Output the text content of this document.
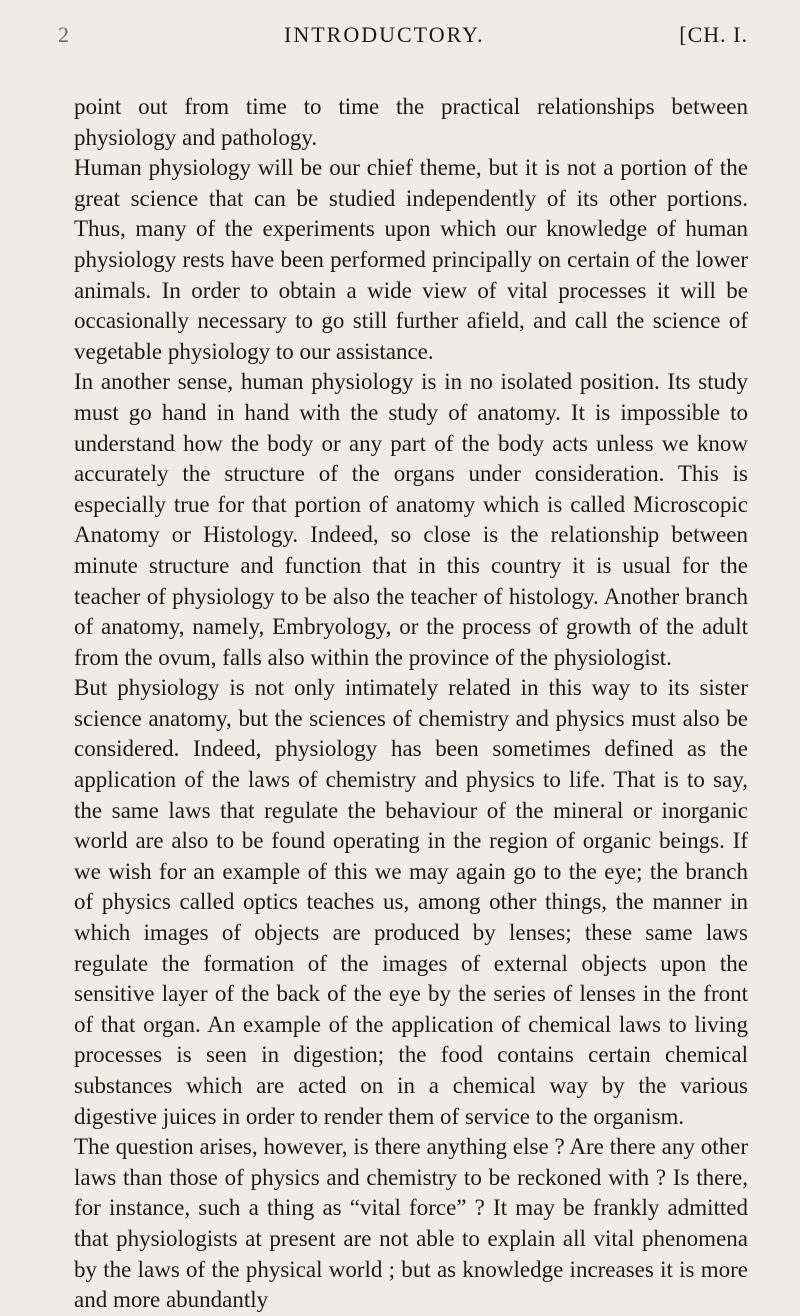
2	INTRODUCTORY.	[CH. I.

point out from time to time the practical relationships between physiology and pathology.

Human physiology will be our chief theme, but it is not a portion of the great science that can be studied independently of its other portions. Thus, many of the experiments upon which our knowledge of human physiology rests have been performed principally on certain of the lower animals. In order to obtain a wide view of vital processes it will be occasionally necessary to go still further afield, and call the science of vegetable physiology to our assistance.

In another sense, human physiology is in no isolated position. Its study must go hand in hand with the study of anatomy. It is impossible to understand how the body or any part of the body acts unless we know accurately the structure of the organs under consideration. This is especially true for that portion of anatomy which is called Microscopic Anatomy or Histology. Indeed, so close is the relationship between minute structure and function that in this country it is usual for the teacher of physiology to be also the teacher of histology. Another branch of anatomy, namely, Embryology, or the process of growth of the adult from the ovum, falls also within the province of the physiologist.

But physiology is not only intimately related in this way to its sister science anatomy, but the sciences of chemistry and physics must also be considered. Indeed, physiology has been sometimes defined as the application of the laws of chemistry and physics to life. That is to say, the same laws that regulate the behaviour of the mineral or inorganic world are also to be found operating in the region of organic beings. If we wish for an example of this we may again go to the eye; the branch of physics called optics teaches us, among other things, the manner in which images of objects are produced by lenses; these same laws regulate the formation of the images of external objects upon the sensitive layer of the back of the eye by the series of lenses in the front of that organ. An example of the application of chemical laws to living processes is seen in digestion; the food contains certain chemical substances which are acted on in a chemical way by the various digestive juices in order to render them of service to the organism.

The question arises, however, is there anything else ? Are there any other laws than those of physics and chemistry to be reckoned with ? Is there, for instance, such a thing as “vital force” ? It may be frankly admitted that physiologists at present are not able to explain all vital phenomena by the laws of the physical world ; but as knowledge increases it is more and more abundantly
